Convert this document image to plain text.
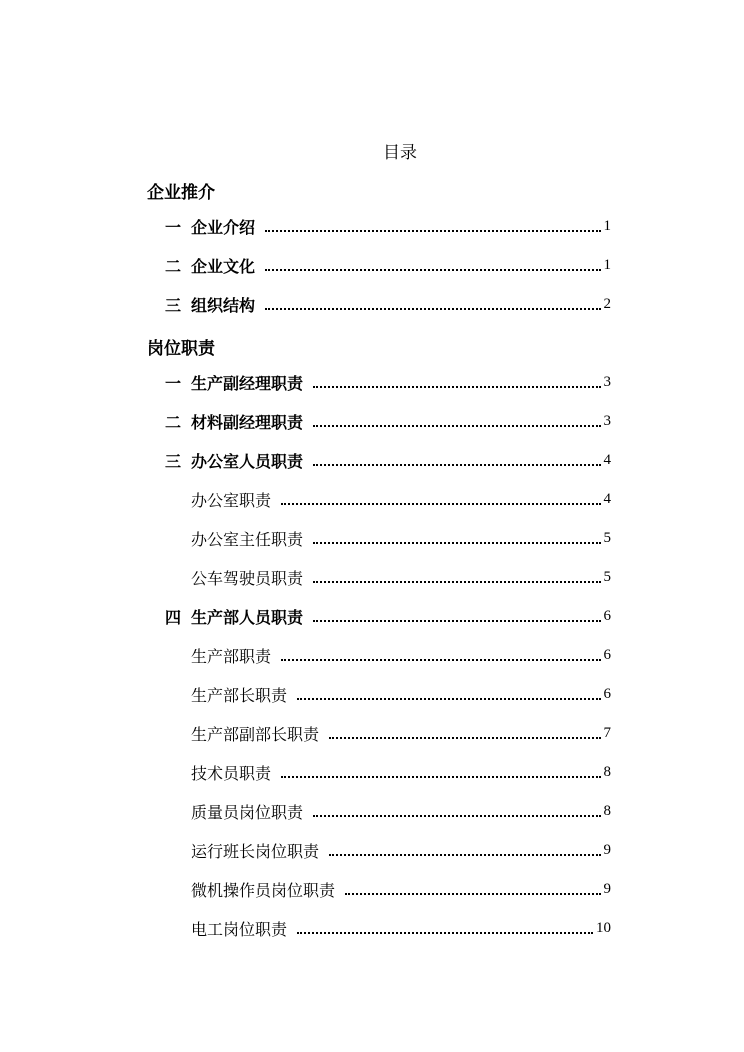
目录
企业推介
一 企业介绍	1
二 企业文化	1
三 组织结构	2
岗位职责
一 生产副经理职责	3
二 材料副经理职责	3
三 办公室人员职责	4
办公室职责	4
办公室主任职责	5
公车驾驶员职责	5
四 生产部人员职责	6
生产部职责	6
生产部长职责	6
生产部副部长职责	7
技术员职责	8
质量员岗位职责	8
运行班长岗位职责	9
微机操作员岗位职责	9
电工岗位职责	10
